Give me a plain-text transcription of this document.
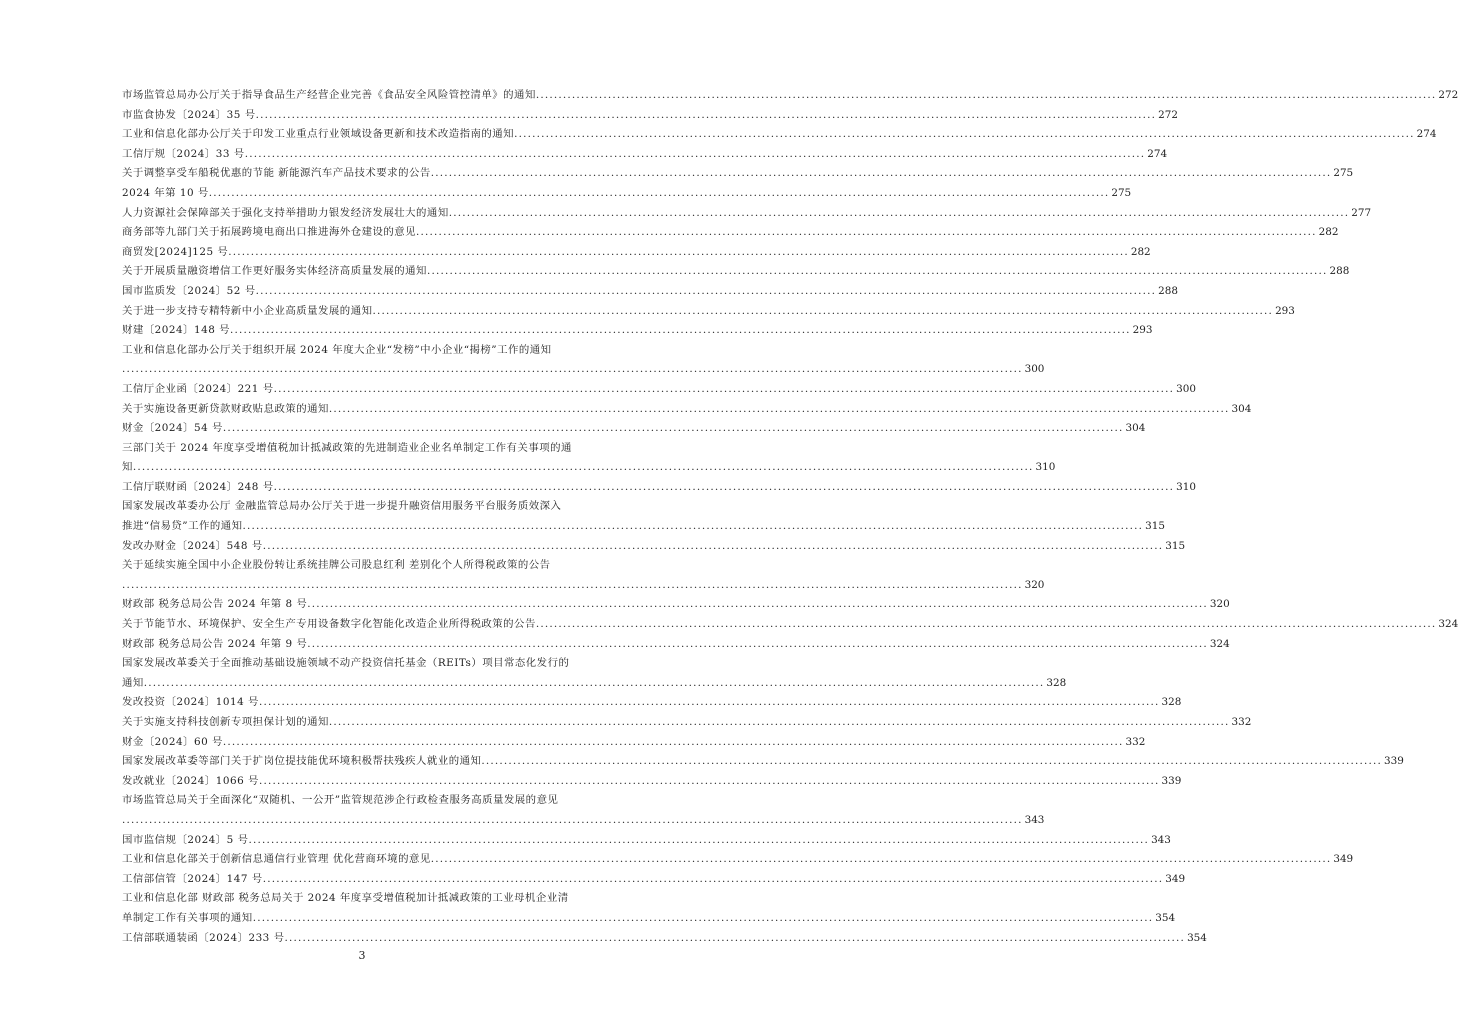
市场监管总局办公厅关于指导食品生产经营企业完善《食品安全风险管控清单》的通知 ........................................................................................................................................................................................................ 272
市监食协发〔2024〕35 号 ........................................................................................................................................................................................................ 272
工业和信息化部办公厅关于印发工业重点行业领域设备更新和技术改造指南的通知 ........................................................................................................................................................................................................ 274
工信厅规〔2024〕33 号 ........................................................................................................................................................................................................ 274
关于调整享受车船税优惠的节能 新能源汽车产品技术要求的公告 ........................................................................................................................................................................................................ 275
2024 年第 10 号 ........................................................................................................................................................................................................ 275
人力资源社会保障部关于强化支持举措助力银发经济发展壮大的通知 ........................................................................................................................................................................................................ 277
商务部等九部门关于拓展跨境电商出口推进海外仓建设的意见 ........................................................................................................................................................................................................ 282
商贸发[2024]125 号 ........................................................................................................................................................................................................ 282
关于开展质量融资增信工作更好服务实体经济高质量发展的通知 ........................................................................................................................................................................................................ 288
国市监质发〔2024〕52 号 ........................................................................................................................................................................................................ 288
关于进一步支持专精特新中小企业高质量发展的通知 ........................................................................................................................................................................................................ 293
财建〔2024〕148 号 ........................................................................................................................................................................................................ 293
工业和信息化部办公厅关于组织开展 2024 年度大企业“发榜”中小企业“揭榜”工作的通知
........................................................................................................................................................................................................ 300
工信厅企业函〔2024〕221 号 ........................................................................................................................................................................................................ 300
关于实施设备更新贷款财政贴息政策的通知 ........................................................................................................................................................................................................ 304
财金〔2024〕54 号 ........................................................................................................................................................................................................ 304
三部门关于 2024 年度享受增值税加计抵减政策的先进制造业企业名单制定工作有关事项的通
知 ........................................................................................................................................................................................................ 310
工信厅联财函〔2024〕248 号 ........................................................................................................................................................................................................ 310
国家发展改革委办公厅 金融监管总局办公厅关于进一步提升融资信用服务平台服务质效深入
推进“信易贷”工作的通知 ........................................................................................................................................................................................................ 315
发改办财金〔2024〕548 号 ........................................................................................................................................................................................................ 315
关于延续实施全国中小企业股份转让系统挂牌公司股息红利 差别化个人所得税政策的公告
........................................................................................................................................................................................................ 320
财政部 税务总局公告 2024 年第 8 号 ........................................................................................................................................................................................................ 320
关于节能节水、环境保护、安全生产专用设备数字化智能化改造企业所得税政策的公告 ........................................................................................................................................................................................................ 324
财政部 税务总局公告 2024 年第 9 号 ........................................................................................................................................................................................................ 324
国家发展改革委关于全面推动基础设施领域不动产投资信托基金（REITs）项目常态化发行的
通知 ........................................................................................................................................................................................................ 328
发改投资〔2024〕1014 号 ........................................................................................................................................................................................................ 328
关于实施支持科技创新专项担保计划的通知 ........................................................................................................................................................................................................ 332
财金〔2024〕60 号 ........................................................................................................................................................................................................ 332
国家发展改革委等部门关于扩岗位提技能优环境积极帮扶残疾人就业的通知 ........................................................................................................................................................................................................ 339
发改就业〔2024〕1066 号 ........................................................................................................................................................................................................ 339
市场监管总局关于全面深化“双随机、一公开”监管规范涉企行政检查服务高质量发展的意见
........................................................................................................................................................................................................ 343
国市监信规〔2024〕5 号 ........................................................................................................................................................................................................ 343
工业和信息化部关于创新信息通信行业管理 优化营商环境的意见 ........................................................................................................................................................................................................ 349
工信部信管〔2024〕147 号 ........................................................................................................................................................................................................ 349
工业和信息化部 财政部 税务总局关于 2024 年度享受增值税加计抵减政策的工业母机企业清
单制定工作有关事项的通知 ........................................................................................................................................................................................................ 354
工信部联通装函〔2024〕233 号 ........................................................................................................................................................................................................ 354
3
